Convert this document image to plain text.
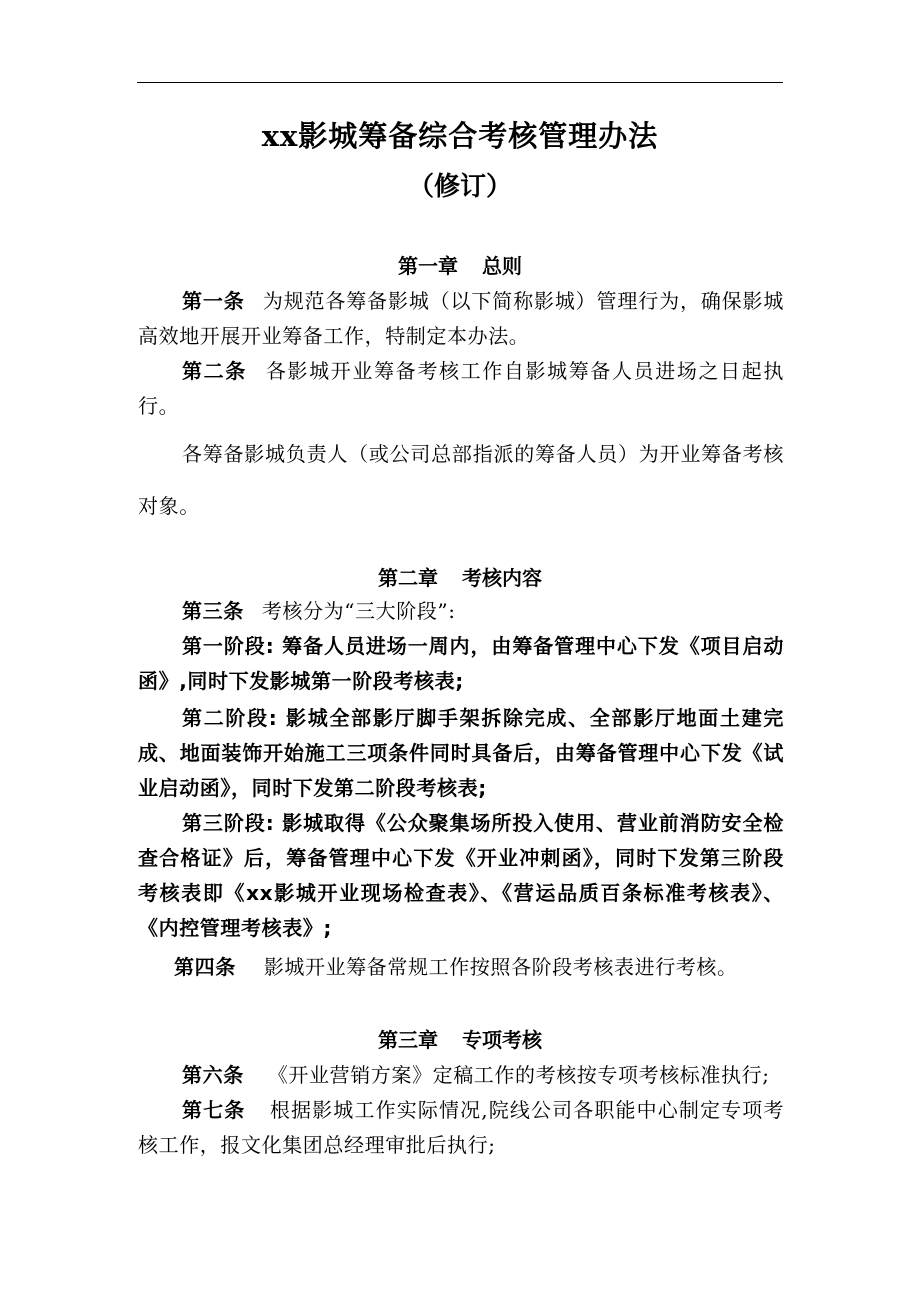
xx影城筹备综合考核管理办法
（修订）
第一章 总则
第一条 为规范各筹备影城（以下简称影城）管理行为，确保影城高效地开展开业筹备工作，特制定本办法。
第二条 各影城开业筹备考核工作自影城筹备人员进场之日起执行。
各筹备影城负责人（或公司总部指派的筹备人员）为开业筹备考核对象。
第二章 考核内容
第三条 考核分为“三大阶段”:
第一阶段: 筹备人员进场一周内，由筹备管理中心下发《项目启动函》,同时下发影城第一阶段考核表;
第二阶段: 影城全部影厅脚手架拆除完成、全部影厅地面土建完成、地面装饰开始施工三项条件同时具备后，由筹备管理中心下发《试业启动函》，同时下发第二阶段考核表;
第三阶段: 影城取得《公众聚集场所投入使用、营业前消防安全检查合格证》后，筹备管理中心下发《开业冲刺函》，同时下发第三阶段考核表即《xx影城开业现场检查表》、《营运品质百条标准考核表》、《内控管理考核表》;
第四条 影城开业筹备常规工作按照各阶段考核表进行考核。
第三章 专项考核
第六条 《开业营销方案》定稿工作的考核按专项考核标准执行;
第七条 根据影城工作实际情况,院线公司各职能中心制定专项考核工作，报文化集团总经理审批后执行;
